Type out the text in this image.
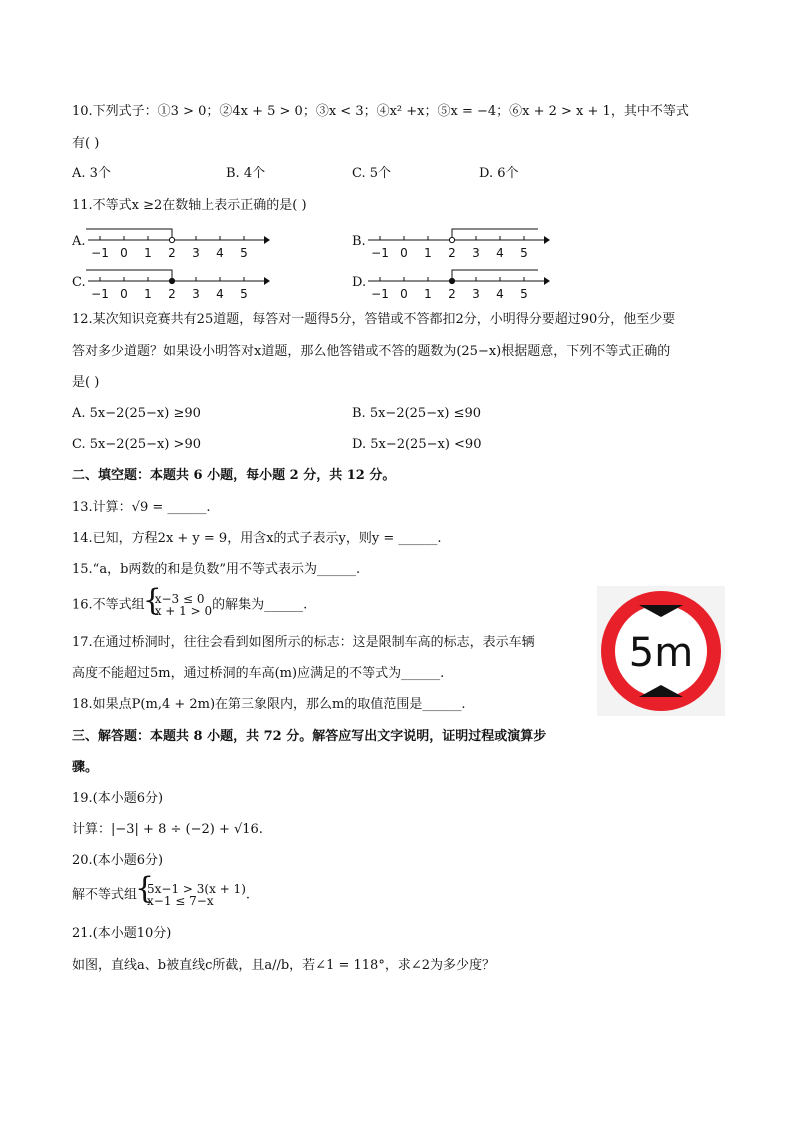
10.下列式子：①3 > 0；②4x + 5 > 0；③x < 3；④x² +x；⑤x = −4；⑥x + 2 > x + 1，其中不等式
有( )
A. 3个	B. 4个	C. 5个	D. 6个
11.不等式x ≥2在数轴上表示正确的是( )
A.	B.
C.	D.
−1 0 1 2 3 4 5	−1 0 1 2 3 4 5
−1 0 1 2 3 4 5	−1 0 1 2 3 4 5
12.某次知识竞赛共有25道题，每答对一题得5分，答错或不答都扣2分，小明得分要超过90分，他至少要
答对多少道题？如果设小明答对x道题，那么他答错或不答的题数为(25−x)根据题意，下列不等式正确的
是( )
A. 5x−2(25−x) ≥90	B. 5x−2(25−x) ≤90
C. 5x−2(25−x) >90	D. 5x−2(25−x) <90
二、填空题：本题共 6 小题，每小题 2 分，共 12 分。
13.计算：√9 = ______.
14.已知，方程2x + y = 9，用含x的式子表示y，则y = ______.
15.“a，b两数的和是负数”用不等式表示为______.
16.不等式组 { x−3 ≤ 0
x + 1 > 0 的解集为______.
17.在通过桥洞时，往往会看到如图所示的标志：这是限制车高的标志，表示车辆
高度不能超过5m，通过桥洞的车高(m)应满足的不等式为______.
18.如果点P(m,4 + 2m)在第三象限内，那么m的取值范围是______.
5m
三、解答题：本题共 8 小题，共 72 分。解答应写出文字说明，证明过程或演算步
骤。
19.(本小题6分)
计算：|−3| + 8 ÷ (−2) + √16.
20.(本小题6分)
解不等式组 { 5x−1 > 3(x + 1)
x−1 ≤ 7−x	.
21.(本小题10分)
如图，直线a、b被直线c所截，且a//b，若∠1 = 118°，求∠2为多少度？
